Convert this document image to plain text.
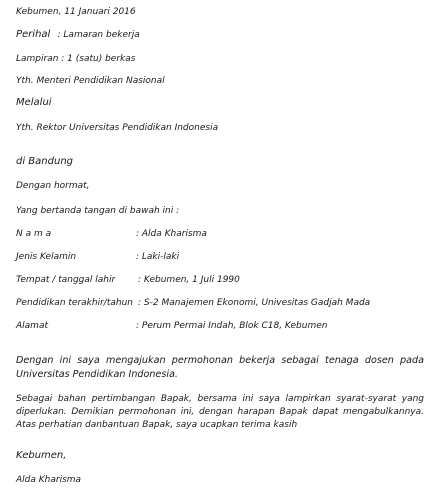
Kebumen, 11 Januari 2016
Perihal : Lamaran bekerja
Lampiran : 1 (satu) berkas
Yth. Menteri Pendidikan Nasional
Melalui
Yth. Rektor Universitas Pendidikan Indonesia
di Bandung
Dengan hormat,
Yang bertanda tangan di bawah ini :
N a m a	: Alda Kharisma
Jenis Kelamin	: Laki-laki
Tempat / tanggal lahir	: Kebumen, 1 Juli 1990
Pendidikan terakhir/tahun : S-2 Manajemen Ekonomi, Univesitas Gadjah Mada
Alamat	: Perum Permai Indah, Blok C18, Kebumen
Dengan ini saya mengajukan permohonan bekerja sebagai tenaga dosen pada Universitas Pendidikan Indonesia.
Sebagai bahan pertimbangan Bapak, bersama ini saya lampirkan syarat-syarat yang diperlukan. Demikian permohonan ini, dengan harapan Bapak dapat mengabulkannya. Atas perhatian danbantuan Bapak, saya ucapkan terima kasih
Kebumen,
Alda Kharisma
